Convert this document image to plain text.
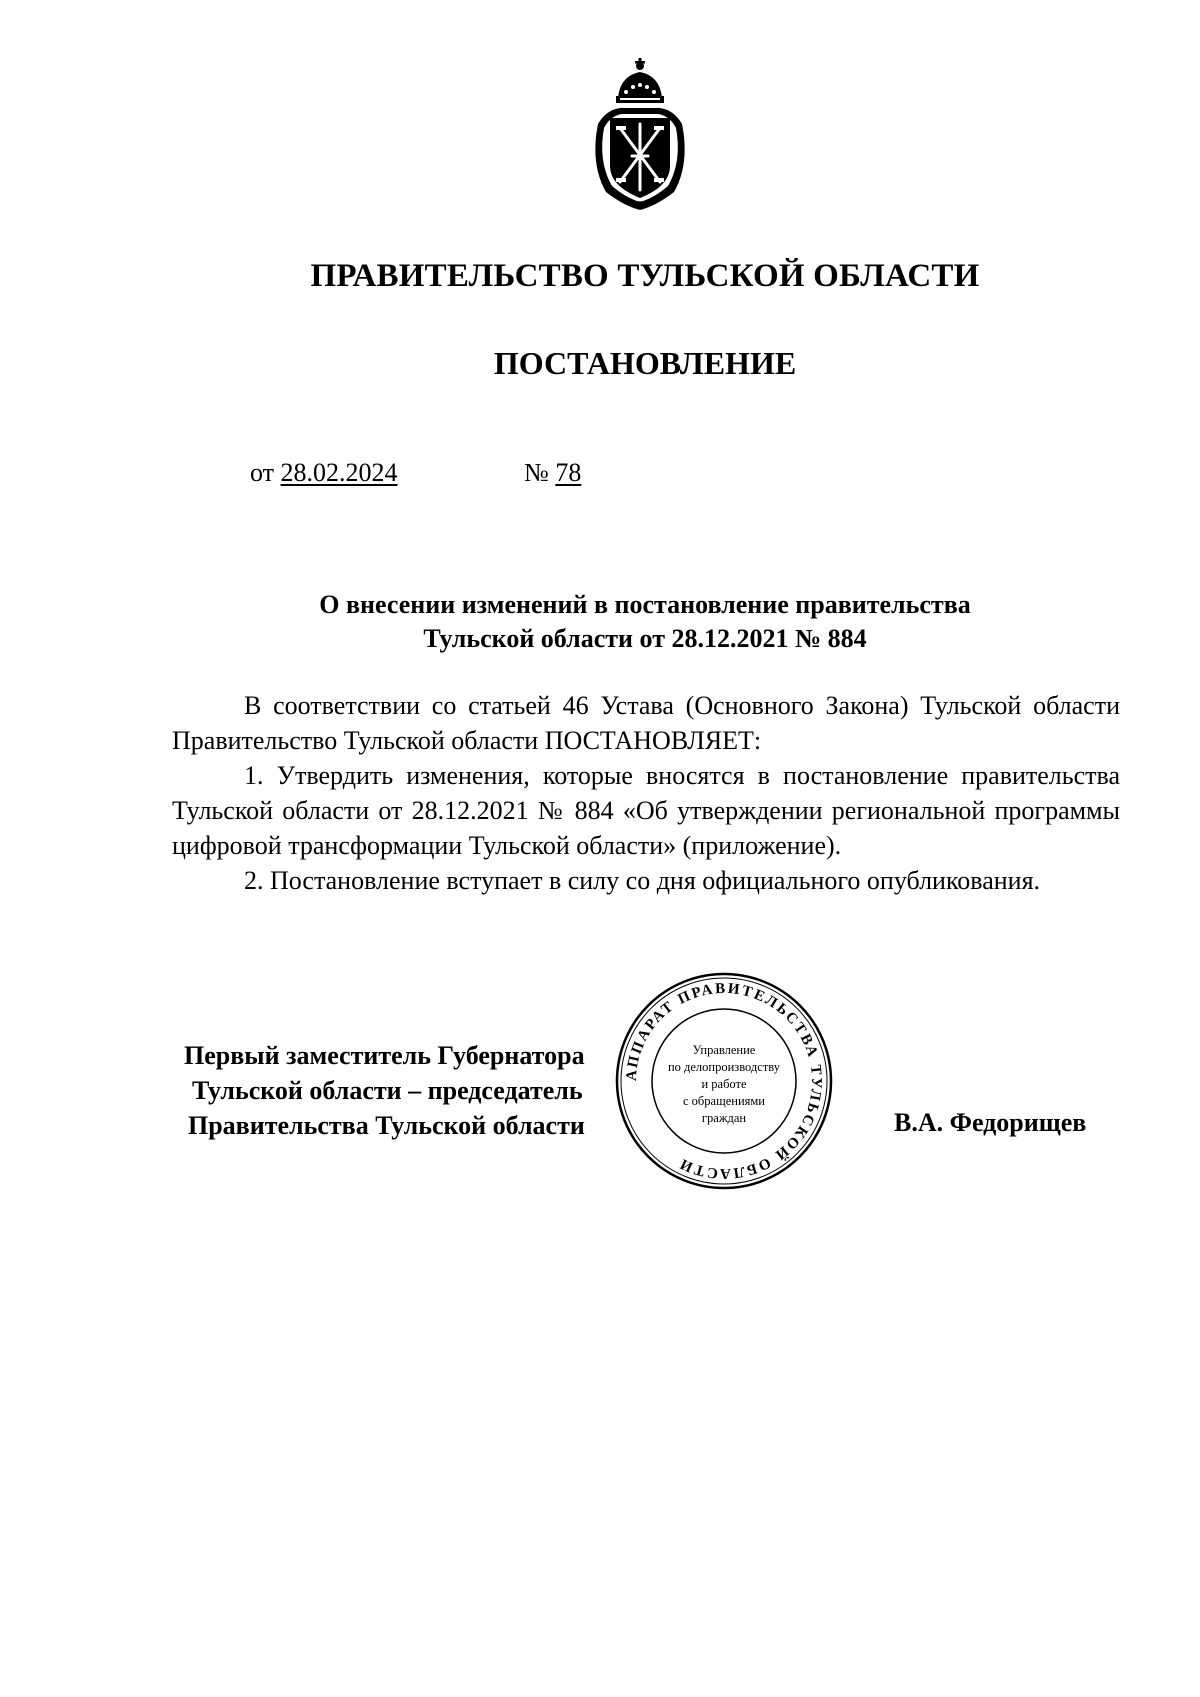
ПРАВИТЕЛЬСТВО ТУЛЬСКОЙ ОБЛАСТИ
ПОСТАНОВЛЕНИЕ
от 28.02.2024	№ 78
О внесении изменений в постановление правительства
Тульской области от 28.12.2021 № 884

В соответствии со статьей 46 Устава (Основного Закона) Тульской области Правительство Тульской области ПОСТАНОВЛЯЕТ:

1. Утвердить изменения, которые вносятся в постановление правительства Тульской области от 28.12.2021 № 884 «Об утверждении региональной программы цифровой трансформации Тульской области» (приложение).

2. Постановление вступает в силу со дня официального опубликования.

Первый заместитель Губернатора
Тульской области – председатель
Правительства Тульской области	В.А. Федорищев
АППАРАТ ПРАВИТЕЛЬСТВА ТУЛЬСКОЙ ОБЛАСТИ
Управление
по делопроизводству
и работе
с обращениями
граждан
